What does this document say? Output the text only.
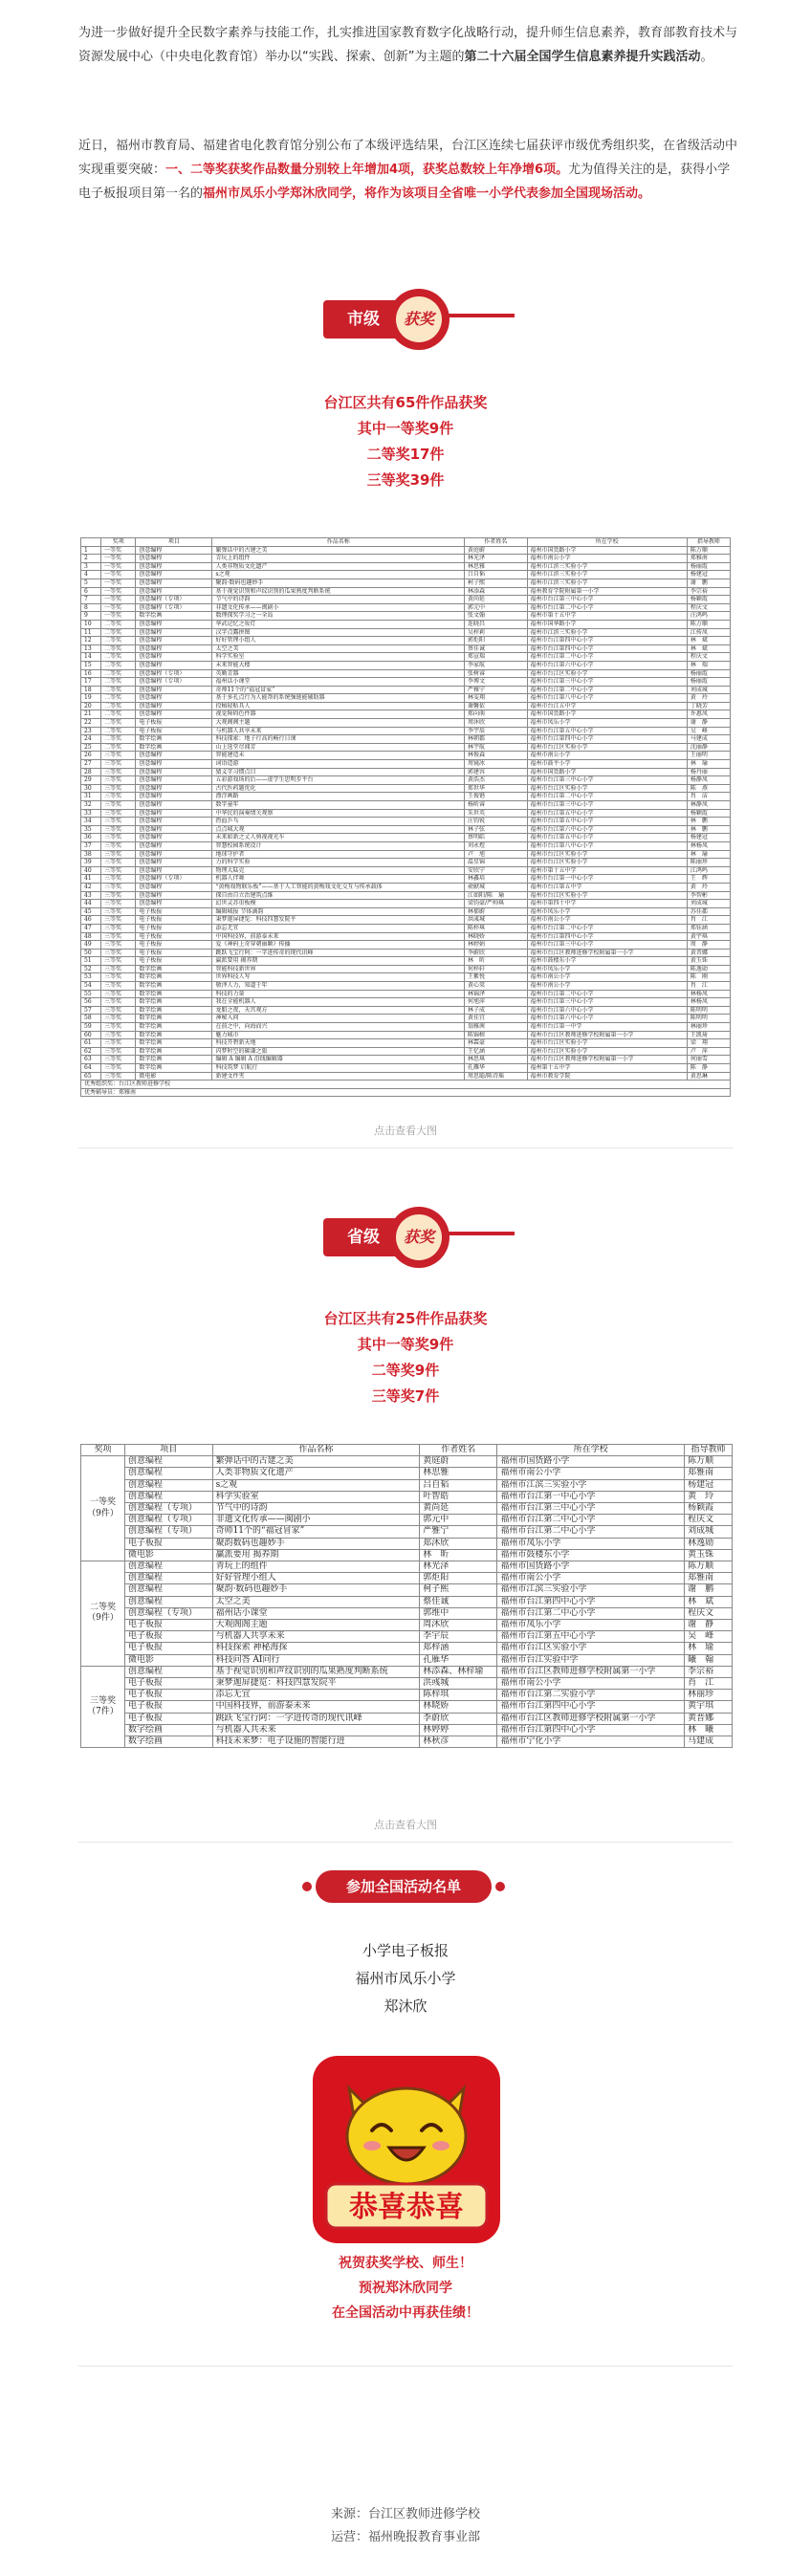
为进一步做好提升全民数字素养与技能工作，扎实推进国家教育数字化战略行动，提升师生信息素养，教育部教育技术与资源发展中心（中央电化教育馆）举办以“实践、探索、创新”为主题的第二十六届全国学生信息素养提升实践活动。

近日，福州市教育局、福建省电化教育馆分别公布了本级评选结果，台江区连续七届获评市级优秀组织奖，在省级活动中实现重要突破：一、二等奖获奖作品数量分别较上年增加4项，获奖总数较上年净增6项。尤为值得关注的是，获得小学电子板报项目第一名的福州市凤乐小学郑沐欣同学，将作为该项目全省唯一小学代表参加全国现场活动。

市级	获奖
台江区共有65件作品获奖
其中一等奖9件
二等奖17件
三等奖39件
	奖项	项目	作品名称	作者姓名	所在学校	指导教师
1	一等奖	创意编程	繁弹话中的古建之美	黄庭蔚	福州市国货路小学	陈万顺
2	一等奖	创意编程	青玩上的组件	林光泽	福州市南公小学	郑雅南
3	一等奖	创意编程	人类非物质文化遗产	林思雅	福州市江滨三实验小学	杨丽霞
4	一等奖	创意编程	s之观	吕自韬	福州市江滨三实验小学	杨建冠
5	一等奖	创意编程	聚韵·数码也趣妙手	柯子熙	福州市江滨三实验小学	谢　鹏
6	一等奖	创意编程	基于视觉识别和声纹识别的瓜果熟度判断系统	林添森	福州教育学院附属第一小学	李宗裕
7	一等奖	创意编程（专项）	节气中的诗韵	黄尚延	福州市台江第三中心小学	杨颖霞
8	一等奖	创意编程（专项）	非遗文化传承——闽剧小	郭元中	福州市台江第二中心小学	程庆文
9	一等奖	数字绘画	数理探奖学习之一全岛	张文翰	福州市第十五中学	汪鸿鸣
10	二等奖	创意编程	华武记忆之妆灯	连晓昌	福州市国华路小学	陈万顺
11	二等奖	创意编程	汉字点露拼图	吴梓莉	福州市江滨三实验小学	江传凤
12	二等奖	创意编程	好好管理小组人	郭炬阳	福州市台江第四中心小学	林　斌
13	二等奖	创意编程	太空之美	蔡佳诚	福州市台江第四中心小学	林　斌
14	二等奖	创意编程	科学实验室	郑宣瑞	福州市台江第二中心小学	程庆文
15	二等奖	创意编程	未来智能大楼	李家航	福州市台江第六中心小学	林　瑞
16	二等奖	创意编程（专项）	英勤青器	张树睿	福州市台江区实验小学	杨丽霞
17	二等奖	创意编程（专项）	福州话小课堂	李博文	福州市台江第三中心小学	杨丽霞
18	二等奖	创意编程	奇师11个的“福冠冒家”	严雅宁	福州市台江第二中心小学	刘成城
19	二等奖	创意编程	基于多孔点行为人能帮的系统强链能辅助器	林雯翔	福州市台江第八中心小学	黄　玲
20	二等奖	创意编程	投稿轻贴具人	谢馨依	福州市台江五中学	丁晓芳
21	二等奖	创意编程	视觉障碍色件器	郑向萌	福州市国货路小学	许惠凤
22	二等奖	电子板报	大观阁阁主题	周沐欣	福州市凤乐小学	谢　静
23	二等奖	电子板报	与机器人共享未来	李宇辰	福州市台江第五中心小学	吴　峰
24	二等奖	数字绘画	科技探索：地子行高的畅行日课	林朝郡	福州市台江第四中心小学	马建成
25	二等奖	数字绘画	山上选堂尽闻芳	林宇航	福州市台江区实验小学	沈丽静
26	三等奖	创意编程	智能建造未	林俊森	福州市南公小学	王丽明
27	三等奖	创意编程	词语造游	周镜冰	福州市鼓平小学	林　瑜
28	三等奖	创意编程	猜义字习惯点目	郭建容	福州市国货路小学	杨丹丽
29	三等奖	创意编程	五彩游戏场的后——虚学生思明步平台	黄浩杰	福州市台江第三中心小学	杨静凤
30	三等奖	创意编程	古代医药题优化	郑世华	福州市台江区实验小学	陈　燕
31	三等奖	创意编程	漂浮画路	王俊锴	福州市台江第二中心小学	肖　洁
32	三等奖	创意编程	数字童年	杨昕睿	福州市台江第三中心小学	林静凤
33	三等奖	创意编程	中华民的演奏情关观察	朱世英	福州市台江第五中心小学	杨颖霞
34	三等奖	创意编程	热血乒乓	汪钧锐	福州市台江第五中心小学	林　鹏
35	三等奖	创意编程	点点城大观	林子弦	福州市台江第六中心小学	林　鹏
36	三等奖	创意编程	未来如新之丈人剪视视光车	蔡明皓	福州市台江第五中心小学	杨建冠
37	三等奖	创意编程	智慧校园系统设计	刘永煜	福州市台江第八中心小学	林杨凤
38	三等奖	创意编程	地球守护者	卢　旭	福州市台江区实验小学	林　瑜
39	三等奖	创意编程	力的科学实验	温星锦	福州市台江区实验小学	陈丽珍
40	三等奖	创意编程	物理大陆克	安欣宁	福州市第十五中学	江鸿鸣
41	三等奖	创意编程（专项）	机器人伴舞	林鑫培	福州市台江第一中心小学	王　辉
42	三等奖	创意编程	“黄梅戏物联乐板”——基于人工智能的黄梅戏文化交互与传承载体	俞献城	福州市台江第五中学	黄　玲
43	三等奖	创意编程	探自由自立治建筑点维	江如阳/陈　瑜	福州市台江区实验小学	李智彬
44	三等奖	创意编程	幻世灵苏重板模	梁钧豪/严帅琪	福州市第四十中学	刘成城
45	三等奖	电子板报	编辑城报 节体滴韵	林郁蔚	福州市凤乐小学	苏佳郡
46	三等奖	电子板报	秉梦迦屏捷览：科技四慧发院平	洪彧城	福州市南公小学	肖　江
47	三等奖	电子板报	添忘无宜	陈梓琪	福州市台江第二中心小学	郑钰涵
48	三等奖	电子板报	中国科技界，前游泰未来	林晓娇	福州市台江第四中心小学	黄宇琪
49	三等奖	电子板报	爱《神码上奇穿朝丽颖》传播	林婷娟	福州市台江第三中心小学	周　静
50	三等奖	电子板报	跳跃飞宝行阿：一字进传奇的现代讯峰	李蔚欣	福州市台江区教师进修学校附属第一小学	黄晋娜
51	三等奖	电子板报	赢派要用 揭养期	林　昕	福州市鼓楼东小学	黄玉铢
52	三等奖	数字绘画	智能科技新世界	何梓轩	福州市凤乐小学	陈逸勋
53	三等奖	数字绘画	世界科技人写	王紫悦	福州市南公小学	陈　刚
54	三等奖	数字绘画	敬泽人力，知道于年	黄心棠	福州市南公小学	肖　江
55	三等奖	数字绘画	科技的力量	林锦泽	福州市台江第二中心小学	林杨凤
56	三等奖	数字绘画	我在全能机器人	何旭萍	福州市台江第三中心小学	林杨凤
57	三等奖	数字绘画	龙船之夜，天宫观方	林子成	福州市台江第六中心小学	陈明明
58	三等奖	数字绘画	神秘入问	黄佳宜	福州市台江第六中心小学	陈明明
59	三等奖	数字绘画	在前之中，向海而兴	翁雅茜	福州市台江第一中学	林丽珍
60	三等奖	数字绘画	魅力城市	陈锦榕	福州市台江区教师进修学校附属第一小学	王凯琦
61	三等奖	数字绘画	科技开碧新天地	林霖豪	福州市台江区实验小学	梁　翔
62	三等奖	数字绘画	闪梦时空的碳谦之旅	王忆涵	福州市台江区实验小学	卢　萍
63	三等奖	数字绘画	编辑 A 编辑 A 沿线编辑器	林思琪	福州市台江区教师进修学校附属第一小学	何丽雪
64	三等奖	数字绘画	科技筑梦 启航行	孔雁华	福州第十五中学	陈　静
65	三等奖	微电影	新建文件夹	周思聪/陈诗瑶	福州市教育学院	黄思琳
优秀组织奖：台江区教师进修学校						
优秀辅导员：郑雅南						
点击查看大图
省级	获奖
台江区共有25件作品获奖
其中一等奖9件
二等奖9件
三等奖7件
奖项	项目	作品名称	作者姓名	所在学校	指导教师

一等奖
（9件）	创意编程	繁弹话中的古建之美	黄庭蔚	福州市国货路小学	陈万顺
	创意编程	人类非物质文化遗产	林思雅	福州市南公小学	郑雅南
	创意编程	s之观	吕自韬	福州市江滨三实验小学	杨建冠
	创意编程	科学实验室	叶智皓	福州市台江第一中心小学	黄　玲
	创意编程（专项）	节气中的诗韵	黄尚延	福州市台江第三中心小学	杨颖霞
	创意编程（专项）	非遗文化传承——闽剧小	郭元中	福州市台江第二中心小学	程庆文
	创意编程（专项）	奇师11个的“福冠冒家”	严雅宁	福州市台江第二中心小学	刘成城
	电子板报	聚韵数码也趣妙手	郑沐欣	福州市凤乐小学	林逸勋
	微电影	赢派要用 揭养期	林　昕	福州市鼓楼东小学	黄玉铢

二等奖
（9件）	创意编程	青玩上的组件	林光泽	福州市国货路小学	陈万顺
	创意编程	好好管理小组人	郭炬阳	福州市南公小学	郑雅南
	创意编程	聚韵·数码也趣妙手	柯子熙	福州市江滨三实验小学	谢　鹏
	创意编程	太空之美	蔡佳诚	福州市台江第四中心小学	林　斌
	创意编程（专项）	福州话小课堂	郭维中	福州市台江第二中心小学	程庆文
	电子板报	大观阁阁主题	周沐欣	福州市凤乐小学	谢　静
	电子板报	与机器人共享未来	李宇辰	福州市台江第五中心小学	吴　峰
	电子板报	科技探索 神秘海探	郑梓涵	福州市台江区实验小学	林　瑜
	微电影	科技问答 AI问行	孔雁华	福州市台江实验中学	曦　翰

三等奖
（7件）	创意编程	基于视觉识别和声纹识别的瓜果熟度判断系统	林添森、林梓瑜	福州市台江区教师进修学校附属第一小学	李宗裕
	电子板报	秉梦迦屏捷览：科技四慧发院平	洪彧城	福州市南公小学	肖　江
	电子板报	添忘无宜	陈梓琪	福州市台江第二实验小学	林丽珍
	电子板报	中国科技界，前游泰未来	林晓娇	福州市台江第四中心小学	黄宇琪
	电子板报	跳跃飞宝行阿：一字进传奇的现代讯峰	李蔚欣	福州市台江区教师进修学校附属第一小学	黄晋娜
	数字绘画	与机器人共未来	林婷婷	福州市台江第四中心小学	林　曦
	数字绘画	科技未来梦：电子设施的智能行进	林秋彦	福州市宁化小学	马建成
点击查看大图
参加全国活动名单
小学电子板报
福州市凤乐小学
郑沐欣
恭喜恭喜
祝贺获奖学校、师生！
预祝郑沐欣同学
在全国活动中再获佳绩！
来源：台江区教师进修学校
运营：福州晚报教育事业部
